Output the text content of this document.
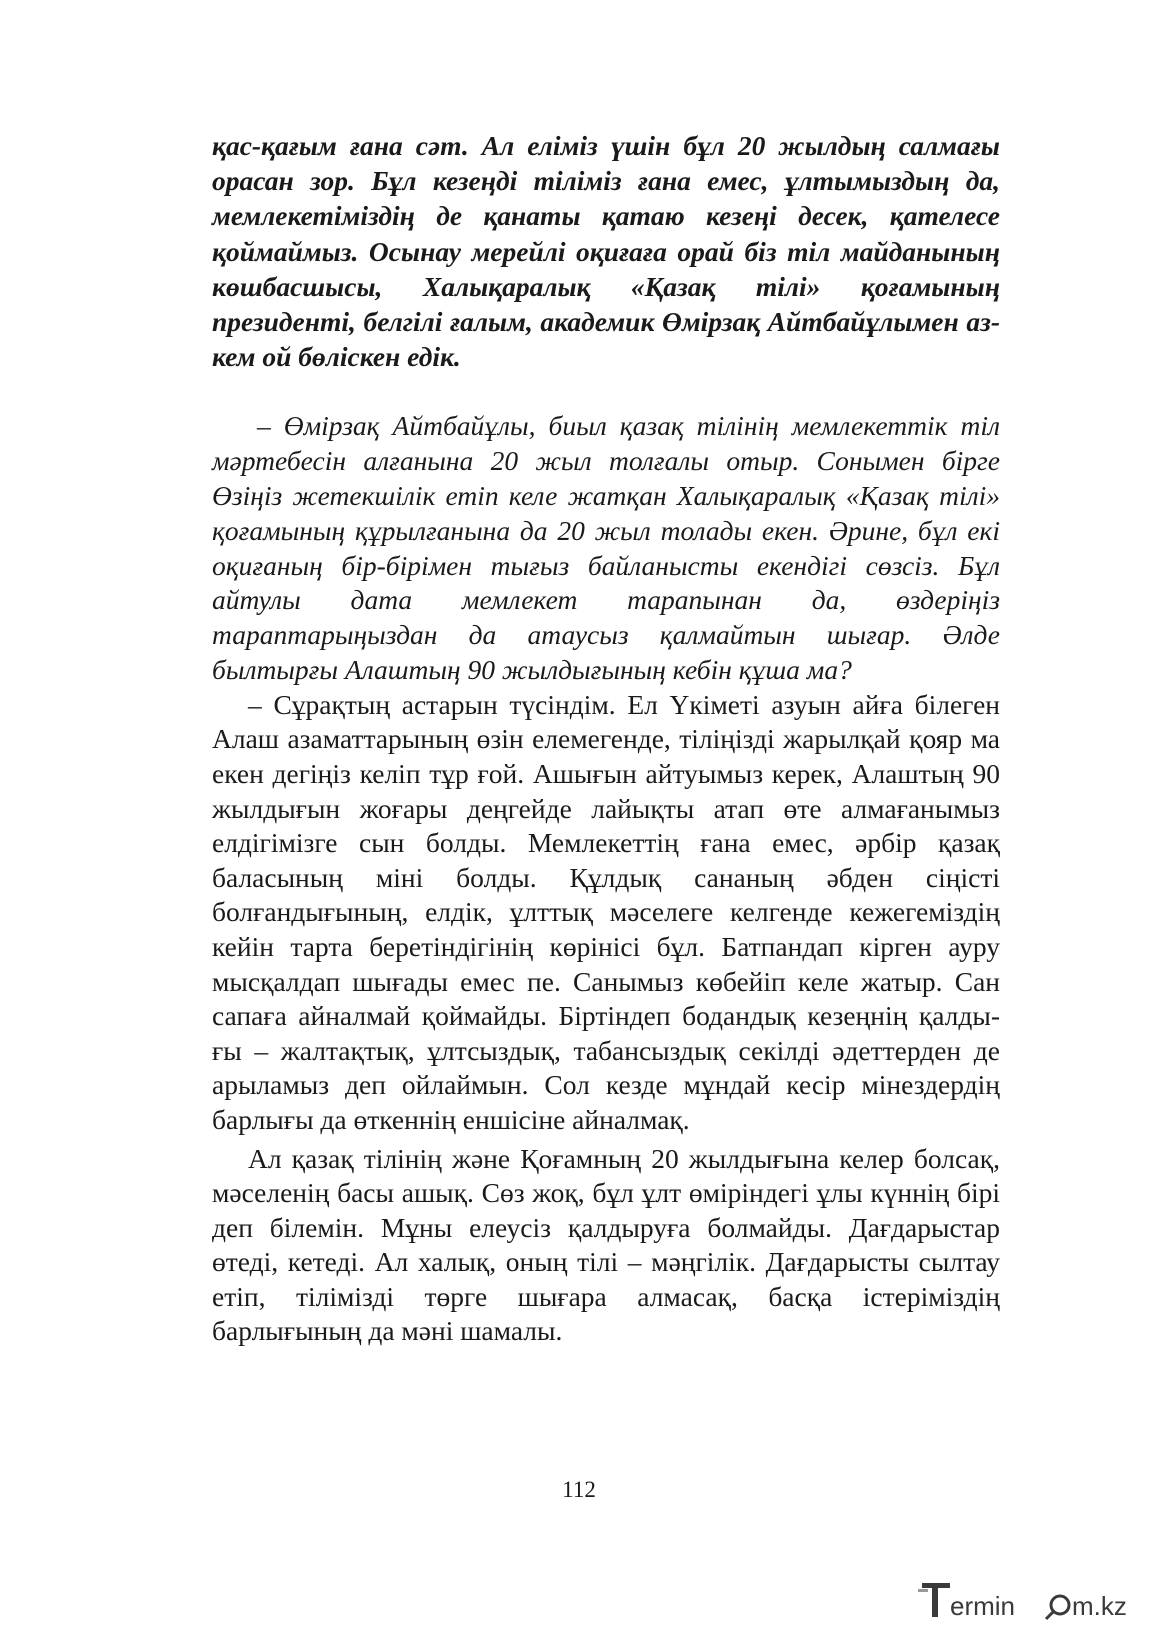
қас-қағым ғана сәт. Ал еліміз үшін бұл 20 жылдың салмағы орасан зор. Бұл кезеңді тіліміз ғана емес, ұлтымыздың да, мемлекетіміздің де қанаты қатаю кезеңі десек, қателесе қоймаймыз. Осынау мерейлі оқиғаға орай біз тіл майданының көшбасшысы, Халықаралық «Қазақ тілі» қоғамының президенті, белгілі ғалым, академик Өмірзақ Айтбайұлымен аз-кем ой бөліскен едік.

– Өмірзақ Айтбайұлы, биыл қазақ тілінің мемлекеттік тіл мәртебесін алғанына 20 жыл толғалы отыр. Сонымен бірге Өзіңіз жетекшілік етіп келе жатқан Халықаралық «Қазақ тілі» қоғамының құрылғанына да 20 жыл толады екен. Әрине, бұл екі оқиғаның бір-бірімен тығыз байланысты екендігі сөзсіз. Бұл айтулы дата мемлекет тарапынан да, өздеріңіз тараптарыңыздан да атаусыз қалмайтын шығар. Әлде былтырғы Алаштың 90 жылдығының кебін құша ма?

– Сұрақтың астарын түсіндім. Ел Үкіметі азуын айға білеген Алаш азаматтарының өзін елемегенде, тіліңізді жарылқай қояр ма екен дегіңіз келіп тұр ғой. Ашығын айтуымыз керек, Алаштың 90 жылдығын жоғары деңгейде лайықты атап өте алмағанымыз елдігімізге сын болды. Мемлекеттің ғана емес, әрбір қазақ баласының міні болды. Құлдық сананың әбден сіңісті болғандығының, елдік, ұлттық мәселеге келгенде кежегеміздің кейін тарта беретіндігінің көрінісі бұл. Батпандап кірген ауру мысқалдап шығады емес пе. Санымыз көбейіп келе жатыр. Сан сапаға айналмай қоймайды. Біртіндеп бодандық кезеңнің қалды-ғы – жалтақтық, ұлтсыздық, табансыздық секілді әдеттерден де арыламыз деп ойлаймын. Сол кезде мұндай кесір мінездердің барлығы да өткеннің еншісіне айналмақ.

Ал қазақ тілінің және Қоғамның 20 жылдығына келер болсақ, мәселенің басы ашық. Сөз жоқ, бұл ұлт өміріндегі ұлы күннің бірі деп білемін. Мұны елеусіз қалдыруға болмайды. Дағдарыстар өтеді, кетеді. Ал халық, оның тілі – мәңгілік. Дағдарысты сылтау етіп, тілімізді төрге шығара алмасақ, басқа істеріміздің барлығының да мәні шамалы.

112
ermin m.kz
